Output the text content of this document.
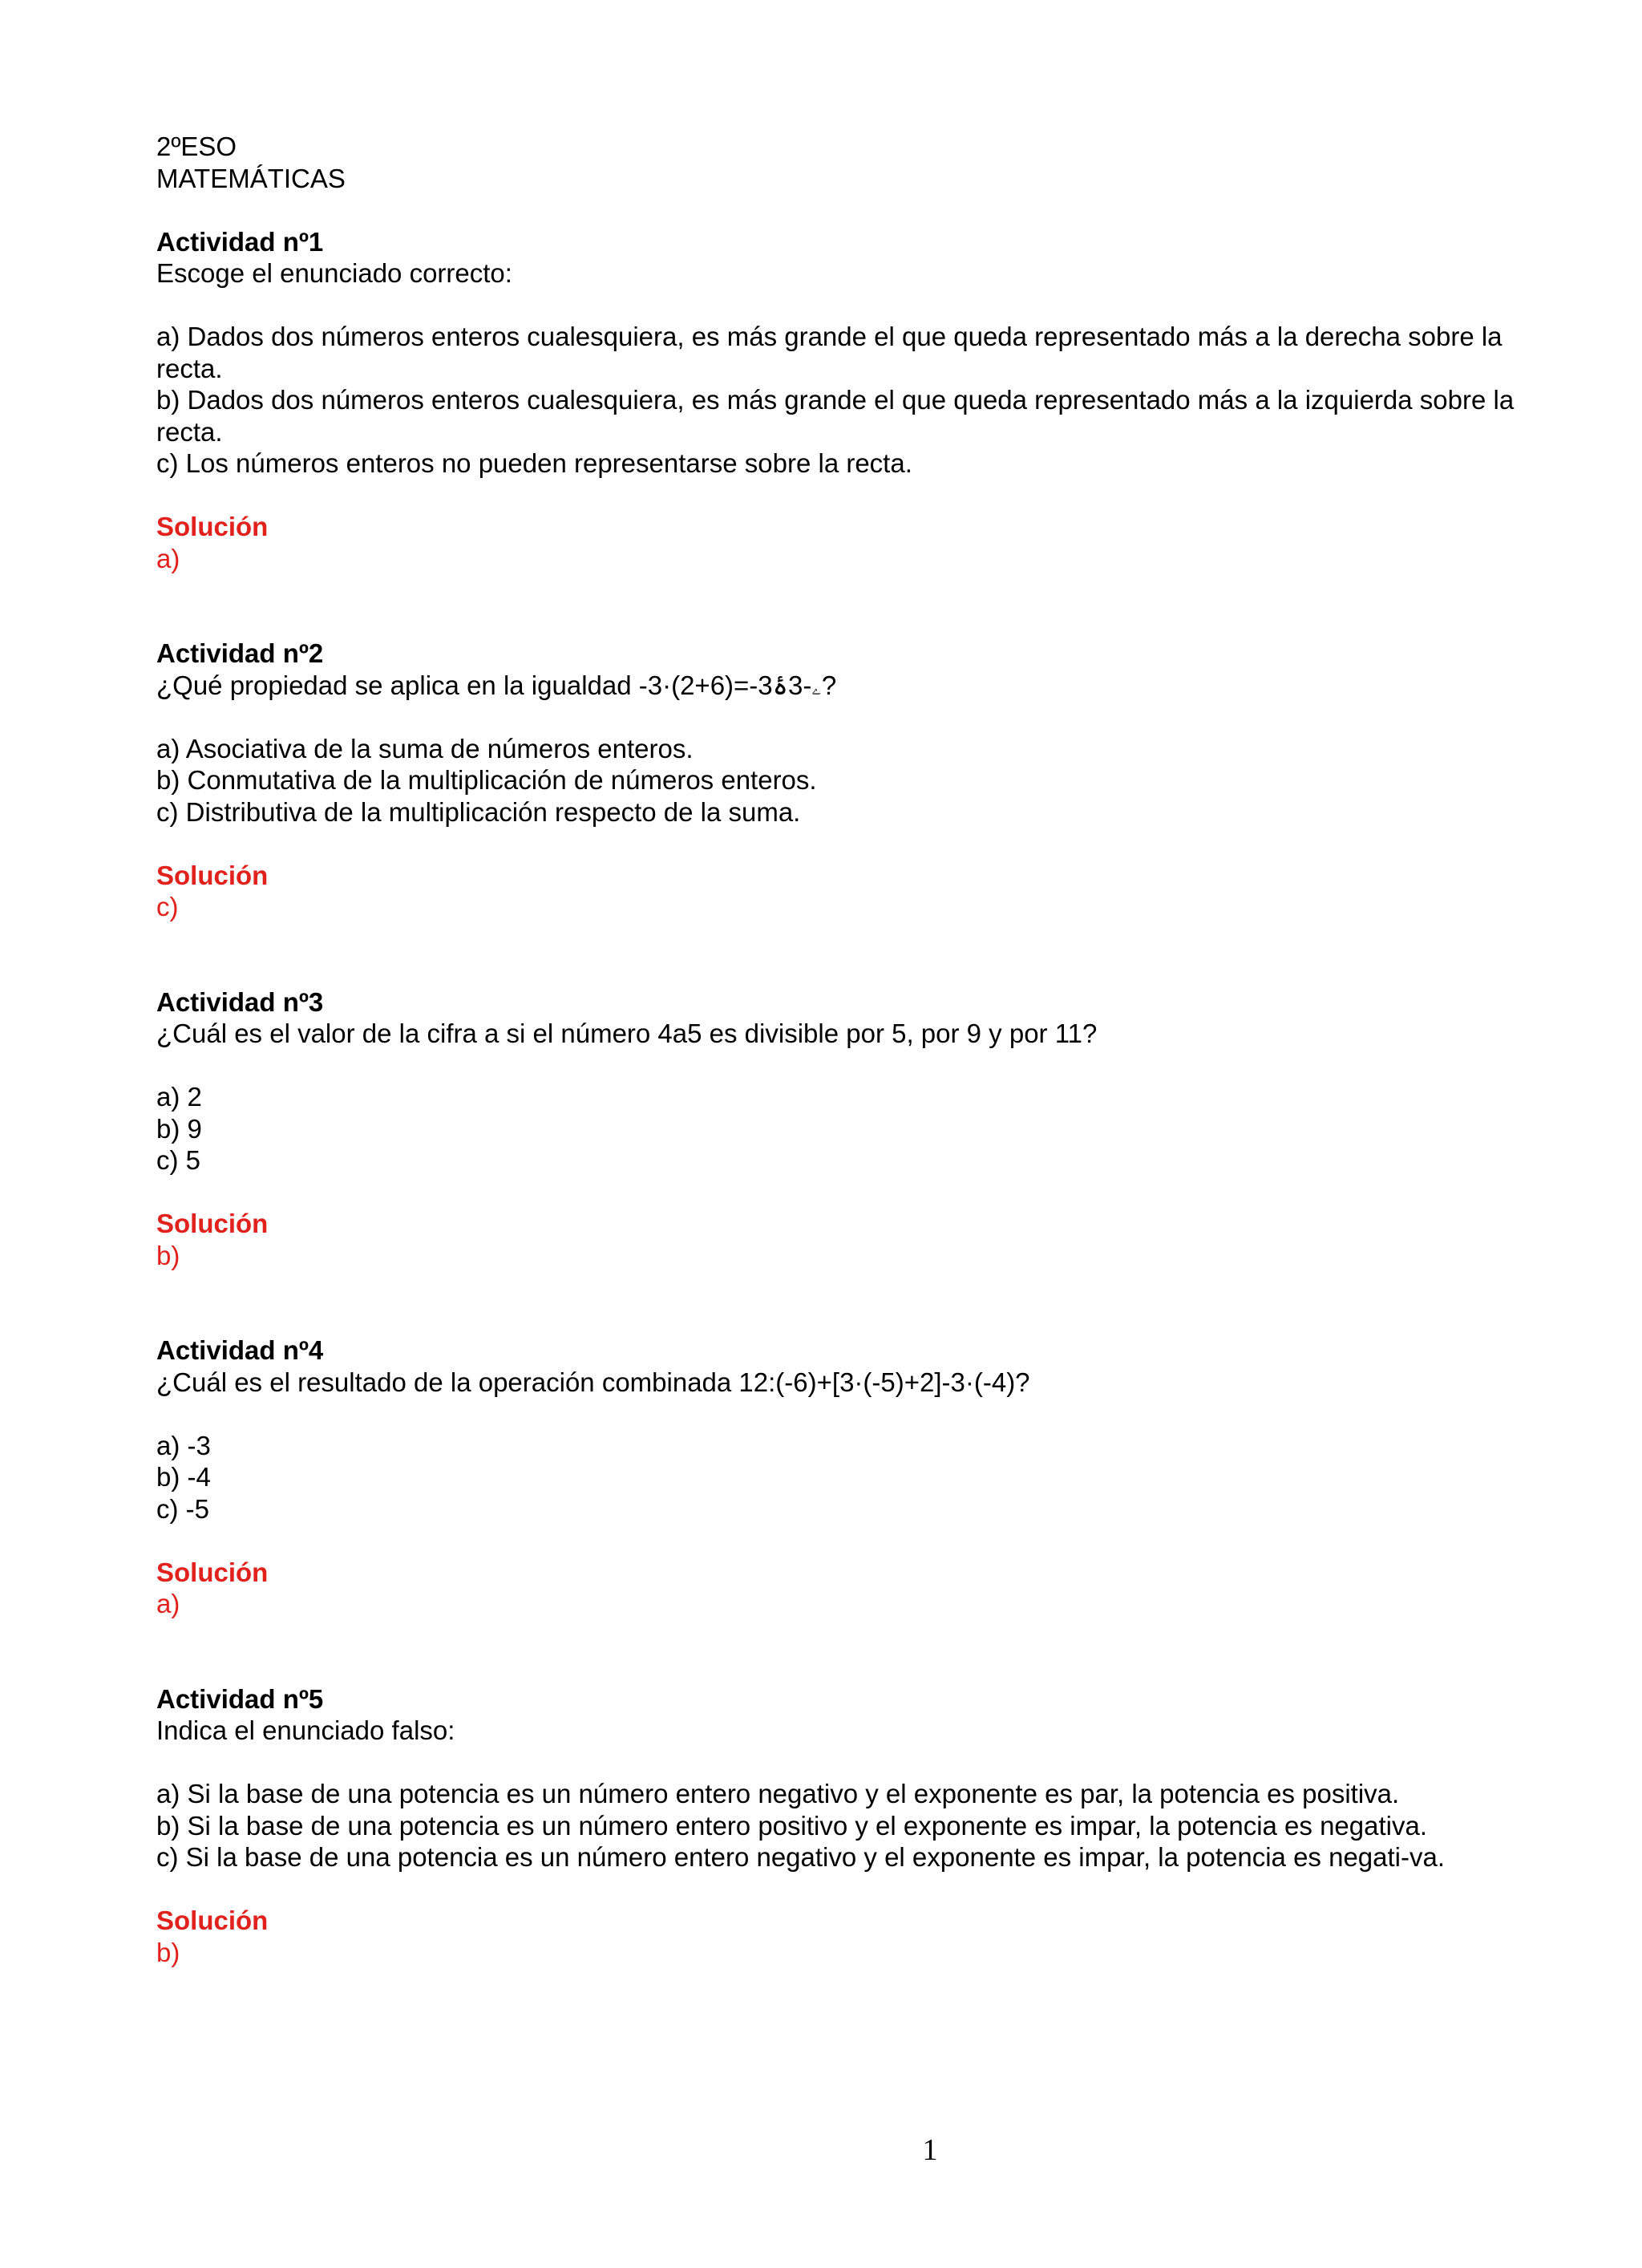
2ºESO
MATEMÁTICAS
Actividad nº1
Escoge el enunciado correcto:
a) Dados dos números enteros cualesquiera, es más grande el que queda representado más a la derecha sobre la recta.
b) Dados dos números enteros cualesquiera, es más grande el que queda representado más a la izquierda sobre la recta.
c) Los números enteros no pueden representarse sobre la recta.
Solución
a)
Actividad nº2
¿Qué propiedad se aplica en la igualdad -3·(2+6)=-3ۦ-3ۂ?
a) Asociativa de la suma de números enteros.
b) Conmutativa de la multiplicación de números enteros.
c) Distributiva de la multiplicación respecto de la suma.
Solución
c)
Actividad nº3
¿Cuál es el valor de la cifra a si el número 4a5 es divisible por 5, por 9 y por 11?
a) 2
b) 9
c) 5
Solución
b)
Actividad nº4
¿Cuál es el resultado de la operación combinada 12:(-6)+[3·(-5)+2]-3·(-4)?
a) -3
b) -4
c) -5
Solución
a)
Actividad nº5
Indica el enunciado falso:
a) Si la base de una potencia es un número entero negativo y el exponente es par, la potencia es positiva.
b) Si la base de una potencia es un número entero positivo y el exponente es impar, la potencia es negativa.
c) Si la base de una potencia es un número entero negativo y el exponente es impar, la potencia es negati-va.
Solución
b)
1
